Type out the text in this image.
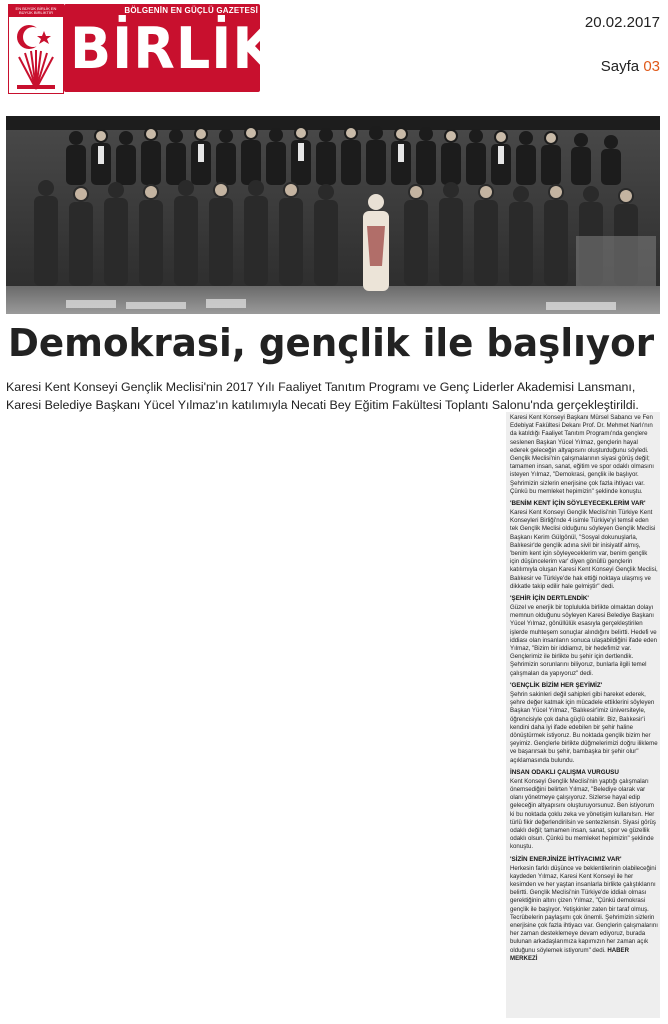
EN BÜYÜK BİRLİK EN BÜYÜK BİRLİKTİR	BÖLGENİN EN GÜÇLÜ GAZETESİ
BİRLİK	20.02.2017
Sayfa 03
Demokrasi, gençlik ile başlıyor

Karesi Kent Konseyi Gençlik Meclisi'nin 2017 Yılı Faaliyet Tanıtım Programı ve Genç Liderler Akademisi Lansmanı,

Karesi Belediye Başkanı Yücel Yılmaz'ın katılımıyla Necati Bey Eğitim Fakültesi Toplantı Salonu'nda gerçekleştirildi.

Karesi Kent Konseyi Başkanı Mürsel Sabancı ve Fen Edebiyat Fakültesi Dekanı Prof. Dr. Mehmet Narlı'nın da katıldığı Faaliyet Tanıtım Programı'nda gençlere seslenen Başkan Yücel Yılmaz, gençlerin hayal ederek geleceğin altyapısını oluşturduğunu söyledi. Gençlik Meclisi'nin çalışmalarının siyasi görüş değil; tamamen insan, sanat, eğitim ve spor odaklı olmasını isteyen Yılmaz, "Demokrasi, gençlik ile başlıyor. Şehrimizin sizlerin enerjisine çok fazla ihtiyacı var. Çünkü bu memleket hepimizin" şeklinde konuştu.

'BENİM KENT İÇİN SÖYLEYECEKLERİM VAR'

Karesi Kent Konseyi Gençlik Meclisi'nin Türkiye Kent Konseyleri Birliği'nde 4 isimle Türkiye'yi temsil eden tek Gençlik Meclisi olduğunu söyleyen Gençlik Meclisi Başkanı Kerim Gülgönül, "Sosyal dokunuşlarla, Balıkesir'de gençlik adına sivil bir inisiyatif almış, 'benim kent için söyleyeceklerim var, benim gençlik için düşüncelerim var' diyen gönüllü gençlerin katılımıyla oluşan Karesi Kent Konseyi Gençlik Meclisi, Balıkesir ve Türkiye'de hak ettiği noktaya ulaşmış ve dikkatle takip edilir hale gelmiştir" dedi.

'ŞEHİR İÇİN DERTLENDİK'

Güzel ve enerjik bir toplulukla birlikte olmaktan dolayı memnun olduğunu söyleyen Karesi Belediye Başkanı Yücel Yılmaz, gönüllülük esasıyla gerçekleştirilen işlerde muhteşem sonuçlar alındığını belirtti. Hedefi ve iddiası olan insanların sonuca ulaşabildiğini ifade eden Yılmaz, "Bizim bir iddiamız, bir hedefimiz var. Gençlerimiz ile birlikte bu şehir için dertlendik. Şehrimizin sorunlarını biliyoruz, bunlarla ilgili temel çalışmaları da yapıyoruz" dedi.

'GENÇLİK BİZİM HER ŞEYİMİZ'

Şehrin sakinleri değil sahipleri gibi hareket ederek, şehre değer katmak için mücadele ettiklerini söyleyen Başkan Yücel Yılmaz, "Balıkesir'imiz üniversiteyle, öğrencisiyle çok daha güçlü olabilir. Biz, Balıkesir'i kendini daha iyi ifade edebilen bir şehir haline dönüştürmek istiyoruz. Bu noktada gençlik bizim her şeyimiz. Gençlerle birlikte düğmelerimizi doğru ilikleme ve başarırsak bu şehir, bambaşka bir şehir olur" açıklamasında bulundu.

İNSAN ODAKLI ÇALIŞMA VURGUSU

Kent Konseyi Gençlik Meclisi'nin yaptığı çalışmaları önemsediğini belirten Yılmaz, "Belediye olarak var olanı yönetmeye çalışıyoruz. Sizlerse hayal edip geleceğin altyapısını oluşturuyorsunuz. Ben istiyorum ki bu noktada çoklu zeka ve yönetişim kullanılsın. Her türlü fikir değerlendirilsin ve sentezlensin. Siyasi görüş odaklı değil; tamamen insan, sanat, spor ve güzellik odaklı olsun. Çünkü bu memleket hepimizin" şeklinde konuştu.

'SİZİN ENERJİNİZE İHTİYACIMIZ VAR'

Herkesin farklı düşünce ve beklentilerinin olabileceğini kaydeden Yılmaz, Karesi Kent Konseyi ile her kesimden ve her yaştan insanlarla birlikte çalıştıklarını belirtti. Gençlik Meclisi'nin Türkiye'de iddialı olması gerektiğinin altını çizen Yılmaz, "Çünkü demokrasi gençlik ile başlıyor. Yetişkinler zaten bir taraf olmuş. Tecrübelerin paylaşımı çok önemli. Şehrimizin sizlerin enerjisine çok fazla ihtiyacı var. Gençlerin çalışmalarını her zaman desteklemeye devam ediyoruz, burada bulunan arkadaşlarımıza kapımızın her zaman açık olduğunu söylemek istiyorum" dedi. HABER MERKEZİ
